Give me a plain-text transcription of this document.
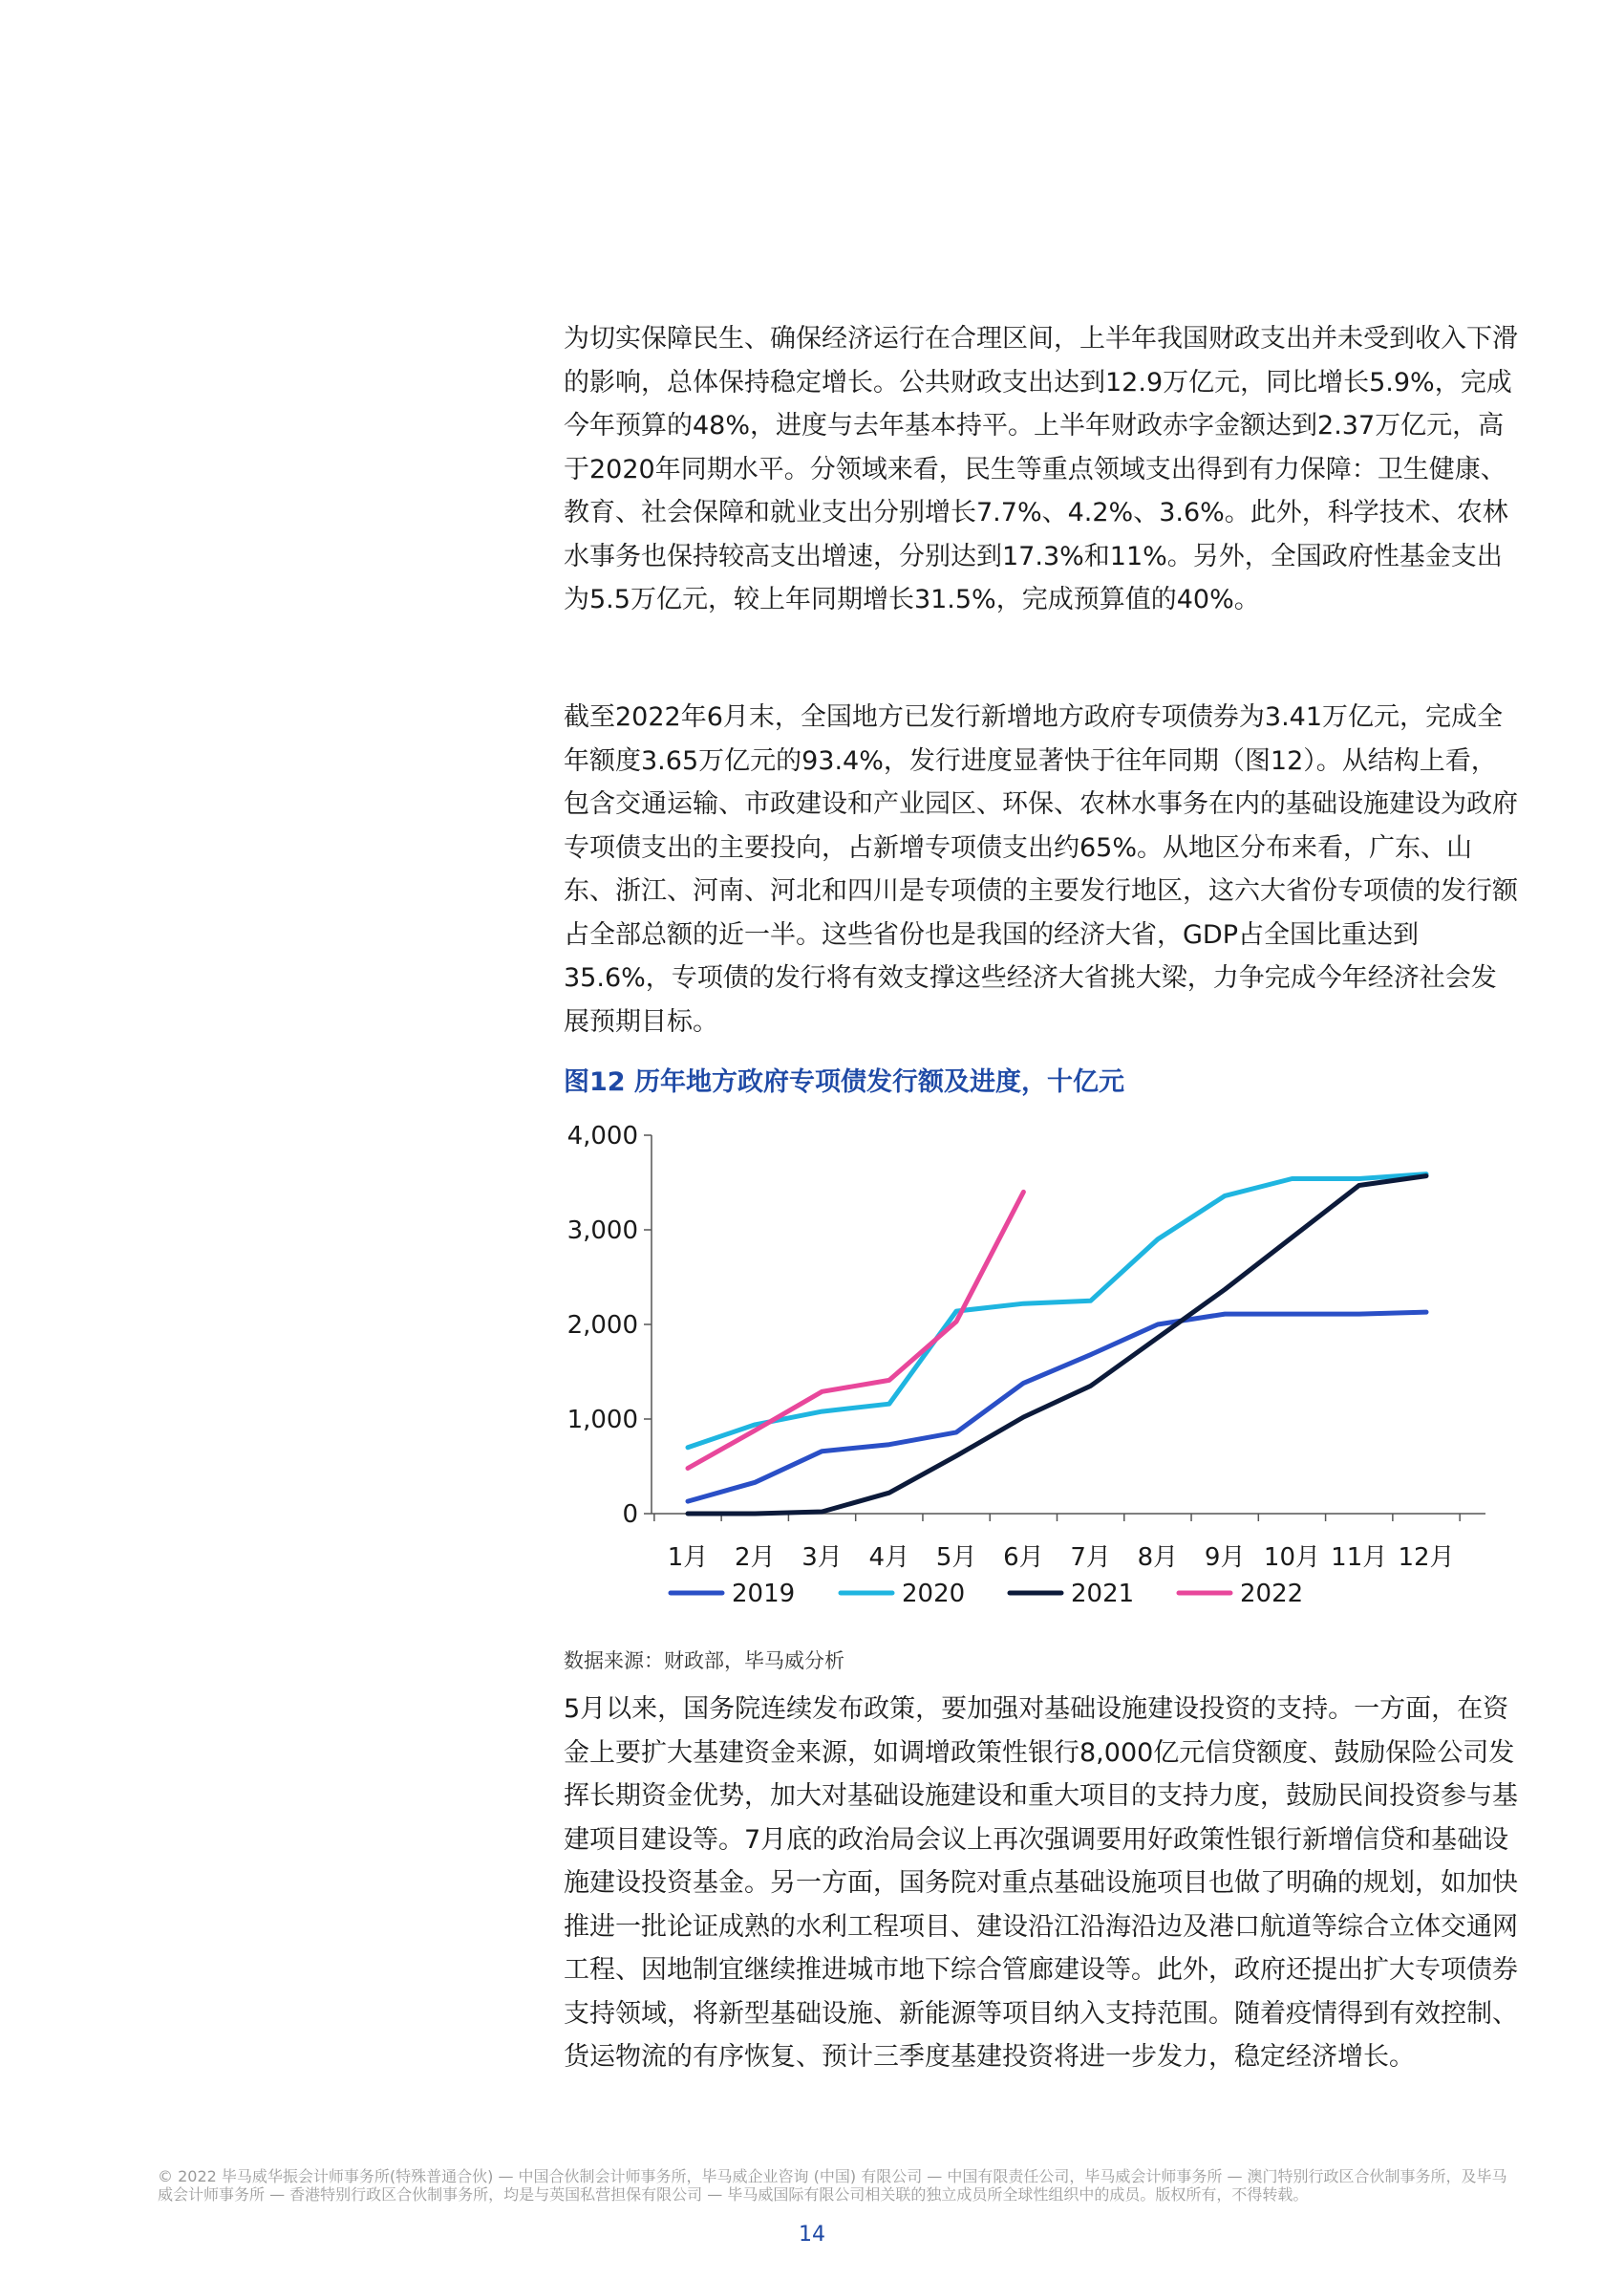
为切实保障民生、确保经济运行在合理区间，上半年我国财政支出并未受到收入下滑的影响，总体保持稳定增长。公共财政支出达到12.9万亿元，同比增长5.9%，完成今年预算的48%，进度与去年基本持平。上半年财政赤字金额达到2.37万亿元，高于2020年同期水平。分领域来看，民生等重点领域支出得到有力保障：卫生健康、教育、社会保障和就业支出分别增长7.7%、4.2%、3.6%。此外，科学技术、农林水事务也保持较高支出增速，分别达到17.3%和11%。另外，全国政府性基金支出为5.5万亿元，较上年同期增长31.5%，完成预算值的40%。

截至2022年6月末，全国地方已发行新增地方政府专项债券为3.41万亿元，完成全年额度3.65万亿元的93.4%，发行进度显著快于往年同期（图12）。从结构上看，包含交通运输、市政建设和产业园区、环保、农林水事务在内的基础设施建设为政府专项债支出的主要投向，占新增专项债支出约65%。从地区分布来看，广东、山东、浙江、河南、河北和四川是专项债的主要发行地区，这六大省份专项债的发行额占全部总额的近一半。这些省份也是我国的经济大省，GDP占全国比重达到35.6%，专项债的发行将有效支撑这些经济大省挑大梁，力争完成今年经济社会发展预期目标。

图12 历年地方政府专项债发行额及进度，十亿元

0
1,000
2,000
3,000
4,000
1月 2月 3月 4月 5月 6月 7月 8月 9月 10月 11月 12月
2019	2020	2021	2022

数据来源：财政部，毕马威分析

5月以来，国务院连续发布政策，要加强对基础设施建设投资的支持。一方面，在资金上要扩大基建资金来源，如调增政策性银行8,000亿元信贷额度、鼓励保险公司发挥长期资金优势，加大对基础设施建设和重大项目的支持力度，鼓励民间投资参与基建项目建设等。7月底的政治局会议上再次强调要用好政策性银行新增信贷和基础设施建设投资基金。另一方面，国务院对重点基础设施项目也做了明确的规划，如加快推进一批论证成熟的水利工程项目、建设沿江沿海沿边及港口航道等综合立体交通网工程、因地制宜继续推进城市地下综合管廊建设等。此外，政府还提出扩大专项债券支持领域，将新型基础设施、新能源等项目纳入支持范围。随着疫情得到有效控制、货运物流的有序恢复、预计三季度基建投资将进一步发力，稳定经济增长。

© 2022 毕马威华振会计师事务所(特殊普通合伙) — 中国合伙制会计师事务所，毕马威企业咨询 (中国) 有限公司 — 中国有限责任公司，毕马威会计师事务所 — 澳门特别行政区合伙制事务所，及毕马威会计师事务所 — 香港特别行政区合伙制事务所，均是与英国私营担保有限公司 — 毕马威国际有限公司相关联的独立成员所全球性组织中的成员。版权所有，不得转载。

14
